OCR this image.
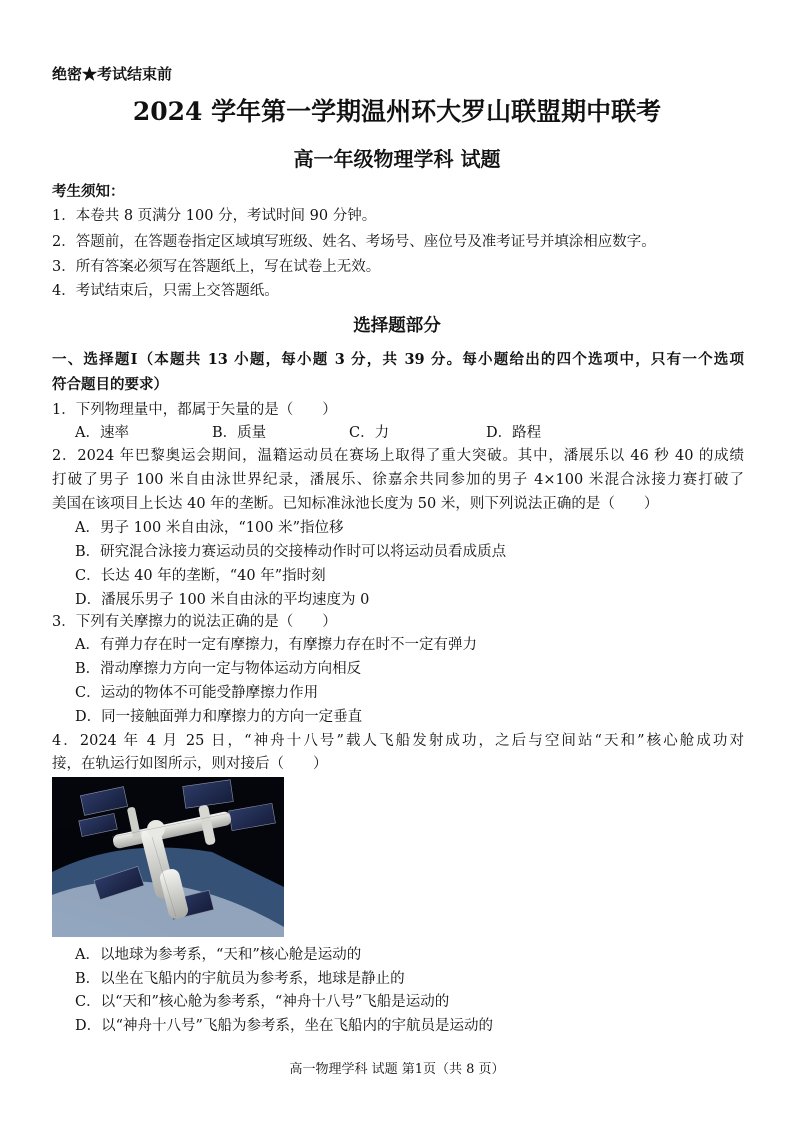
绝密★考试结束前
2024 学年第一学期温州环大罗山联盟期中联考
高一年级物理学科 试题
考生须知：
1．本卷共 8 页满分 100 分，考试时间 90 分钟。
2．答题前，在答题卷指定区域填写班级、姓名、考场号、座位号及准考证号并填涂相应数字。
3．所有答案必须写在答题纸上，写在试卷上无效。
4．考试结束后，只需上交答题纸。
选择题部分
一、选择题Ⅰ（本题共 13 小题，每小题 3 分，共 39 分。每小题给出的四个选项中，只有一个选项
符合题目的要求）
1．下列物理量中，都属于矢量的是（　　）
A．速率	B．质量	C．力	D．路程
2．2024 年巴黎奥运会期间，温籍运动员在赛场上取得了重大突破。其中，潘展乐以 46 秒 40 的成绩
打破了男子 100 米自由泳世界纪录，潘展乐、徐嘉余共同参加的男子 4×100 米混合泳接力赛打破了
美国在该项目上长达 40 年的垄断。已知标准泳池长度为 50 米，则下列说法正确的是（　　）
A．男子 100 米自由泳，“100 米”指位移
B．研究混合泳接力赛运动员的交接棒动作时可以将运动员看成质点
C．长达 40 年的垄断，“40 年”指时刻
D．潘展乐男子 100 米自由泳的平均速度为 0
3．下列有关摩擦力的说法正确的是（　　）
A．有弹力存在时一定有摩擦力，有摩擦力存在时不一定有弹力
B．滑动摩擦力方向一定与物体运动方向相反
C．运动的物体不可能受静摩擦力作用
D．同一接触面弹力和摩擦力的方向一定垂直
4．2024 年 4 月 25 日，“神舟十八号”载人飞船发射成功，之后与空间站“天和”核心舱成功对
接，在轨运行如图所示，则对接后（　　）
A．以地球为参考系，“天和”核心舱是运动的
B．以坐在飞船内的宇航员为参考系，地球是静止的
C．以“天和”核心舱为参考系，“神舟十八号”飞船是运动的
D．以“神舟十八号”飞船为参考系，坐在飞船内的宇航员是运动的
高一物理学科 试题 第1页（共 8 页）
